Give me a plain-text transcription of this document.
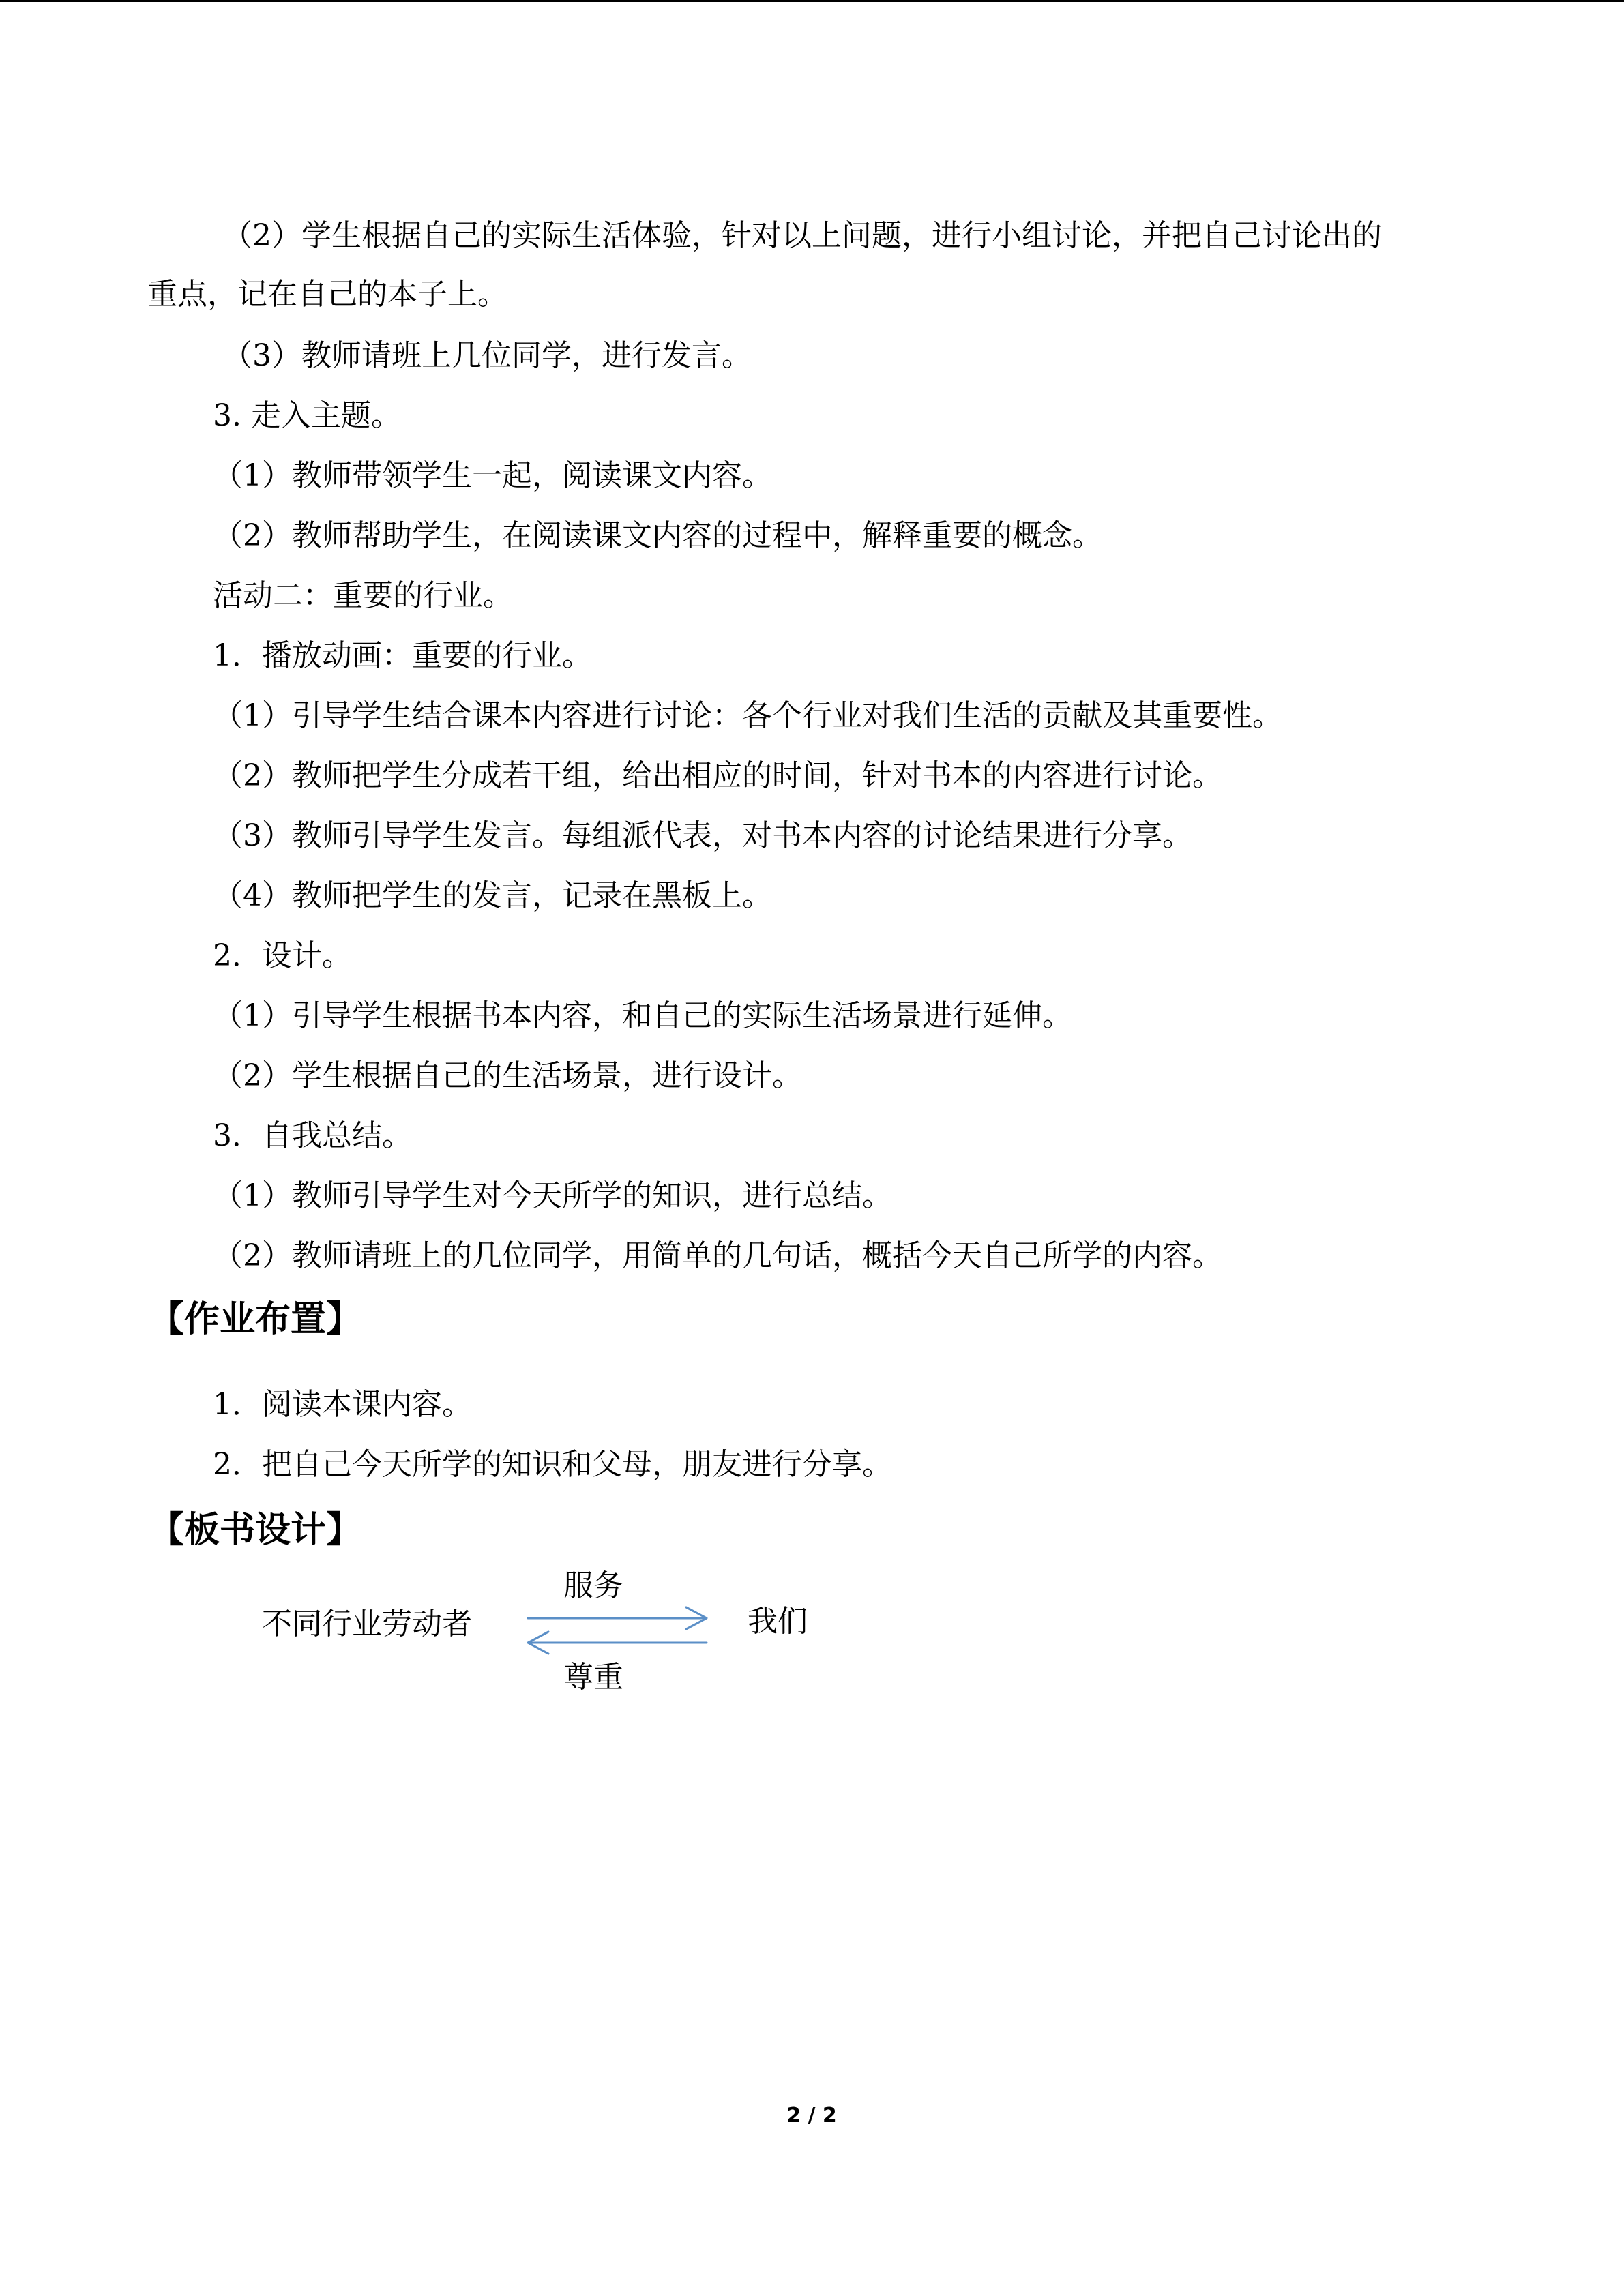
（2）学生根据自己的实际生活体验，针对以上问题，进行小组讨论，并把自己讨论出的
重点，记在自己的本子上。
（3）教师请班上几位同学，进行发言。
3. 走入主题。
（1）教师带领学生一起，阅读课文内容。
（2）教师帮助学生，在阅读课文内容的过程中，解释重要的概念。
活动二：重要的行业。
1．播放动画：重要的行业。
（1）引导学生结合课本内容进行讨论：各个行业对我们生活的贡献及其重要性。
（2）教师把学生分成若干组，给出相应的时间，针对书本的内容进行讨论。
（3）教师引导学生发言。每组派代表，对书本内容的讨论结果进行分享。
（4）教师把学生的发言，记录在黑板上。
2．设计。
（1）引导学生根据书本内容，和自己的实际生活场景进行延伸。
（2）学生根据自己的生活场景，进行设计。
3．自我总结。
（1）教师引导学生对今天所学的知识，进行总结。
（2）教师请班上的几位同学，用简单的几句话，概括今天自己所学的内容。
【作业布置】
1．阅读本课内容。
2．把自己今天所学的知识和父母，朋友进行分享。
【板书设计】
服务
不同行业劳动者	我们
尊重
2 / 2
